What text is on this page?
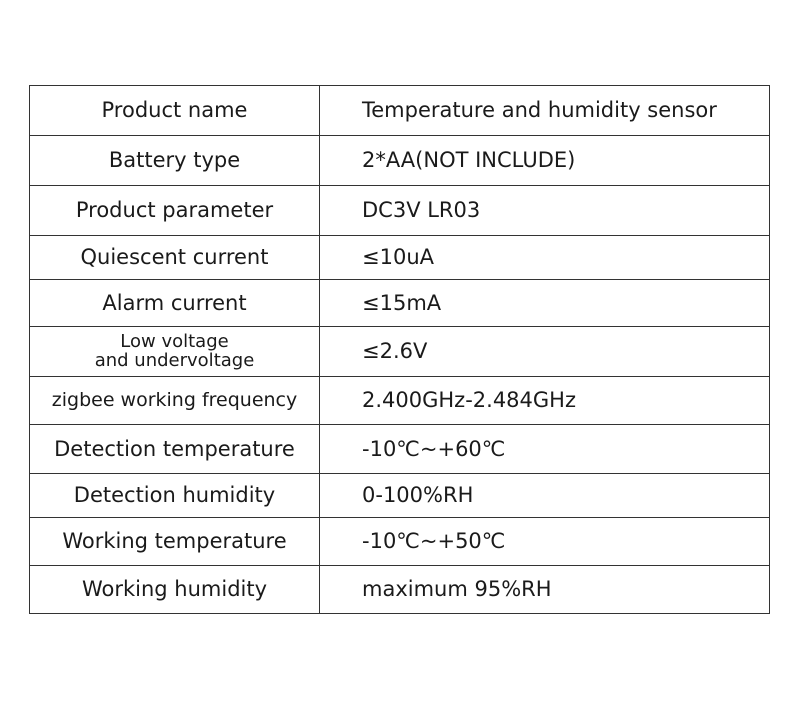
Product name	Temperature and humidity sensor
Battery type	2*AA(NOT INCLUDE)
Product parameter	DC3V LR03
Quiescent current	≤10uA
Alarm current	≤15mA

Low voltage
and undervoltage	≤2.6V
zigbee working frequency	2.400GHz-2.484GHz
Detection temperature	-10℃~+60℃
Detection humidity	0-100%RH
Working temperature	-10℃~+50℃
Working humidity	maximum 95%RH
